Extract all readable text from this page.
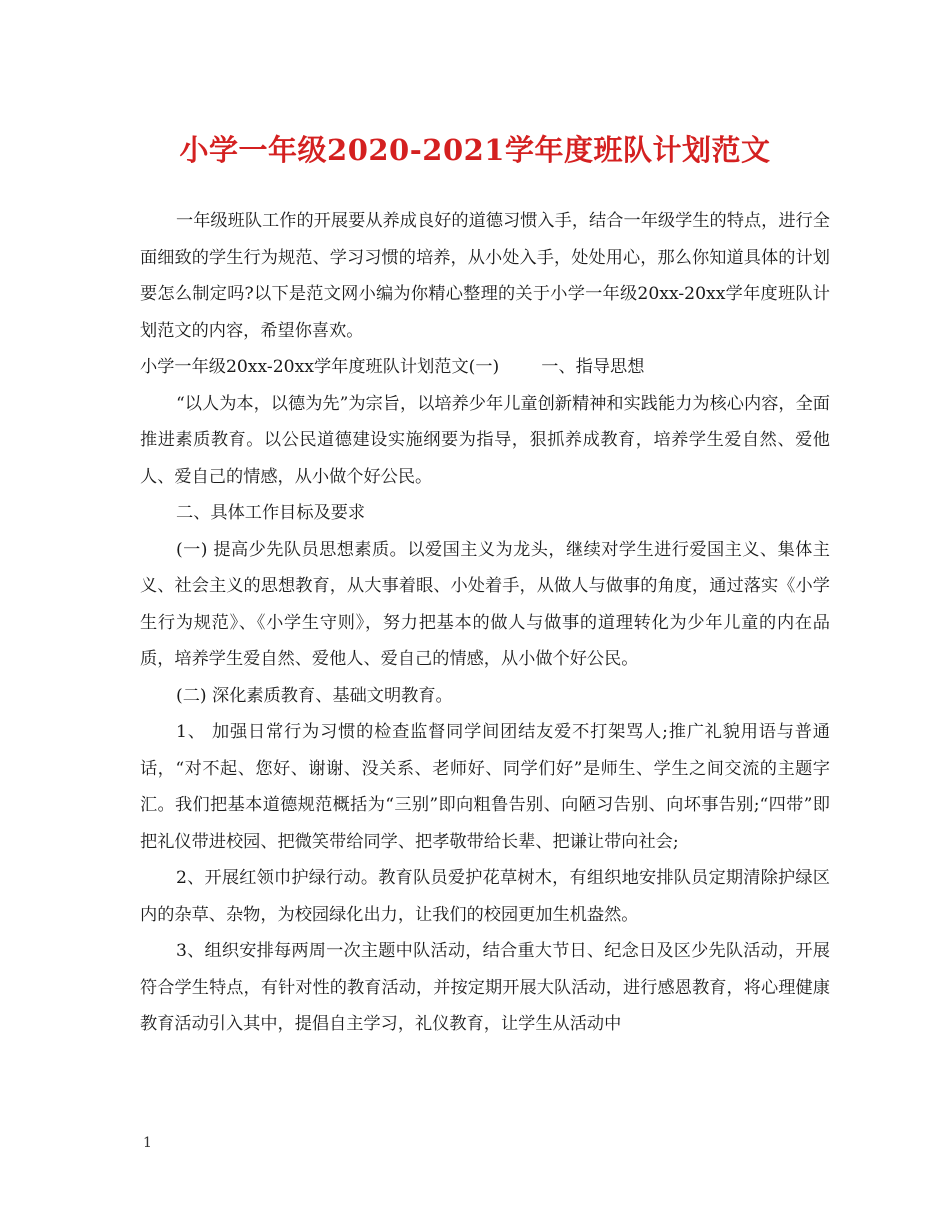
小学一年级2020-2021学年度班队计划范文

一年级班队工作的开展要从养成良好的道德习惯入手，结合一年级学生的特点，进行全面细致的学生行为规范、学习习惯的培养，从小处入手，处处用心，那么你知道具体的计划要怎么制定吗?以下是范文网小编为你精心整理的关于小学一年级20xx-20xx学年度班队计划范文的内容，希望你喜欢。

小学一年级20xx-20xx学年度班队计划范文(一) 一、指导思想

“以人为本，以德为先”为宗旨，以培养少年儿童创新精神和实践能力为核心内容，全面推进素质教育。以公民道德建设实施纲要为指导，狠抓养成教育，培养学生爱自然、爱他人、爱自己的情感，从小做个好公民。

二、具体工作目标及要求

(一) 提高少先队员思想素质。以爱国主义为龙头，继续对学生进行爱国主义、集体主义、社会主义的思想教育，从大事着眼、小处着手，从做人与做事的角度，通过落实《小学生行为规范》、《小学生守则》，努力把基本的做人与做事的道理转化为少年儿童的内在品质，培养学生爱自然、爱他人、爱自己的情感，从小做个好公民。

(二) 深化素质教育、基础文明教育。

1、 加强日常行为习惯的检查监督同学间团结友爱不打架骂人;推广礼貌用语与普通话，“对不起、您好、谢谢、没关系、老师好、同学们好”是师生、学生之间交流的主题字汇。我们把基本道德规范概括为“三别”即向粗鲁告别、向陋习告别、向坏事告别;“四带”即把礼仪带进校园、把微笑带给同学、把孝敬带给长辈、把谦让带向社会;

2、开展红领巾护绿行动。教育队员爱护花草树木，有组织地安排队员定期清除护绿区内的杂草、杂物，为校园绿化出力，让我们的校园更加生机盎然。

3、组织安排每两周一次主题中队活动，结合重大节日、纪念日及区少先队活动，开展符合学生特点，有针对性的教育活动，并按定期开展大队活动，进行感恩教育，将心理健康教育活动引入其中，提倡自主学习，礼仪教育，让学生从活动中

1
